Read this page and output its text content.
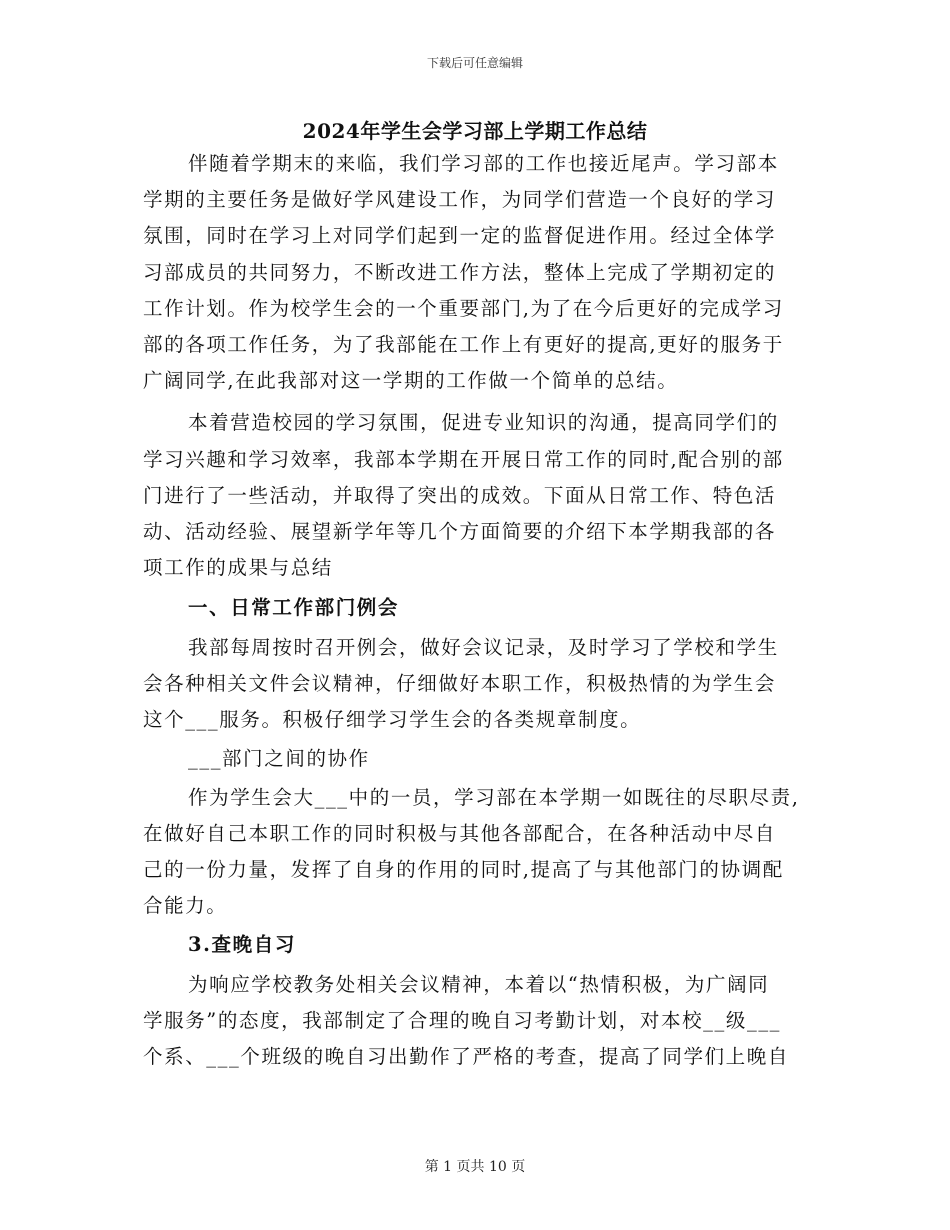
下载后可任意编辑
2024年学生会学习部上学期工作总结
伴随着学期末的来临，我们学习部的工作也接近尾声。学习部本
学期的主要任务是做好学风建设工作，为同学们营造一个良好的学习
氛围，同时在学习上对同学们起到一定的监督促进作用。经过全体学
习部成员的共同努力，不断改进工作方法，整体上完成了学期初定的
工作计划。作为校学生会的一个重要部门,为了在今后更好的完成学习
部的各项工作任务，为了我部能在工作上有更好的提高,更好的服务于
广阔同学,在此我部对这一学期的工作做一个简单的总结。
本着营造校园的学习氛围，促进专业知识的沟通，提高同学们的
学习兴趣和学习效率，我部本学期在开展日常工作的同时,配合别的部
门进行了一些活动，并取得了突出的成效。下面从日常工作、特色活
动、活动经验、展望新学年等几个方面简要的介绍下本学期我部的各
项工作的成果与总结
一、日常工作部门例会
我部每周按时召开例会，做好会议记录，及时学习了学校和学生
会各种相关文件会议精神，仔细做好本职工作，积极热情的为学生会
这个___服务。积极仔细学习学生会的各类规章制度。
___部门之间的协作
作为学生会大___中的一员，学习部在本学期一如既往的尽职尽责,
在做好自己本职工作的同时积极与其他各部配合，在各种活动中尽自
己的一份力量，发挥了自身的作用的同时,提高了与其他部门的协调配
合能力。
3.查晚自习
为响应学校教务处相关会议精神，本着以“热情积极，为广阔同
学服务”的态度，我部制定了合理的晚自习考勤计划，对本校__级___
个系、___个班级的晚自习出勤作了严格的考查，提高了同学们上晚自
第 1 页共 10 页
